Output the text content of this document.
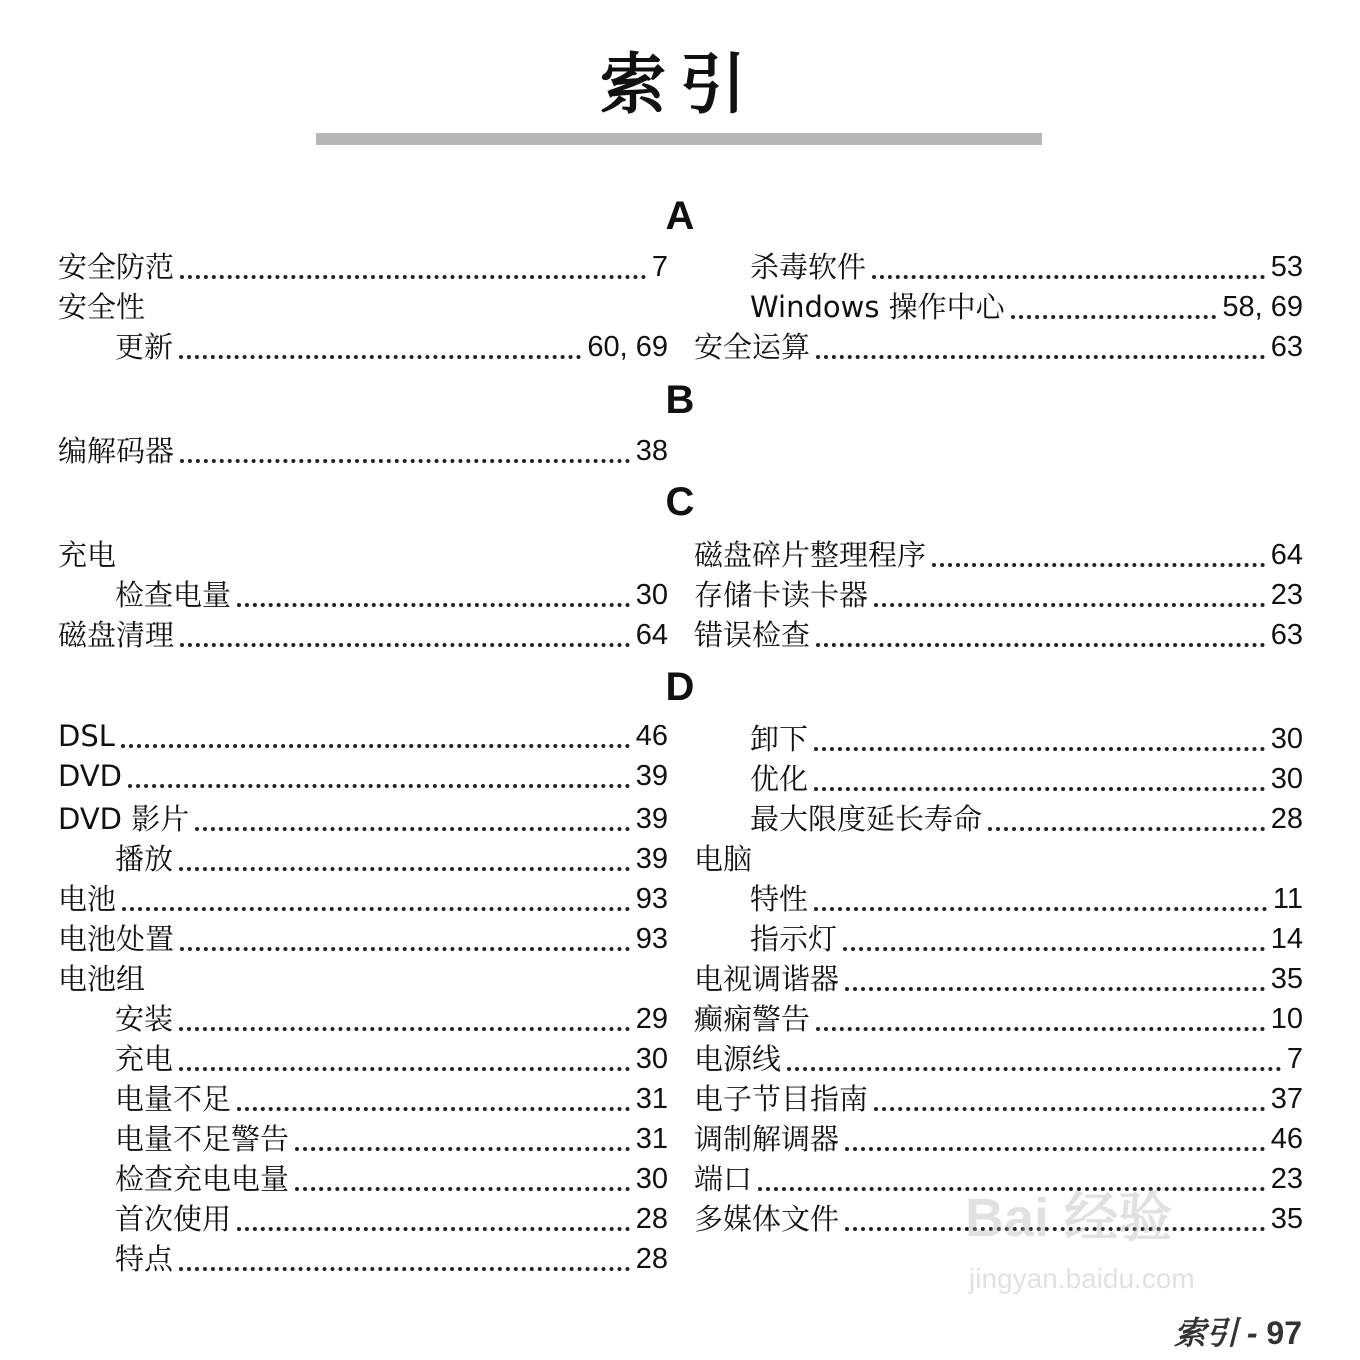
索引
A
B
C
D
安全防范	7
安全性
更新	60, 69
杀毒软件	53
Windows 操作中心	58, 69
安全运算	63
编解码器	38
充电
检查电量	30
磁盘清理	64
磁盘碎片整理程序	64
存储卡读卡器	23
错误检查	63
DSL	46
DVD	39
DVD 影片	39
播放	39
电池	93
电池处置	93
电池组
安装	29
充电	30
电量不足	31
电量不足警告	31
检查充电电量	30
首次使用	28
特点	28
卸下	30
优化	30
最大限度延长寿命	28
电脑
特性	11
指示灯	14
电视调谐器	35
癫痫警告	10
电源线	7
电子节目指南	37
调制解调器	46
端口	23
多媒体文件	35
Bai 经验
jingyan.baidu.com
索引 - 97
